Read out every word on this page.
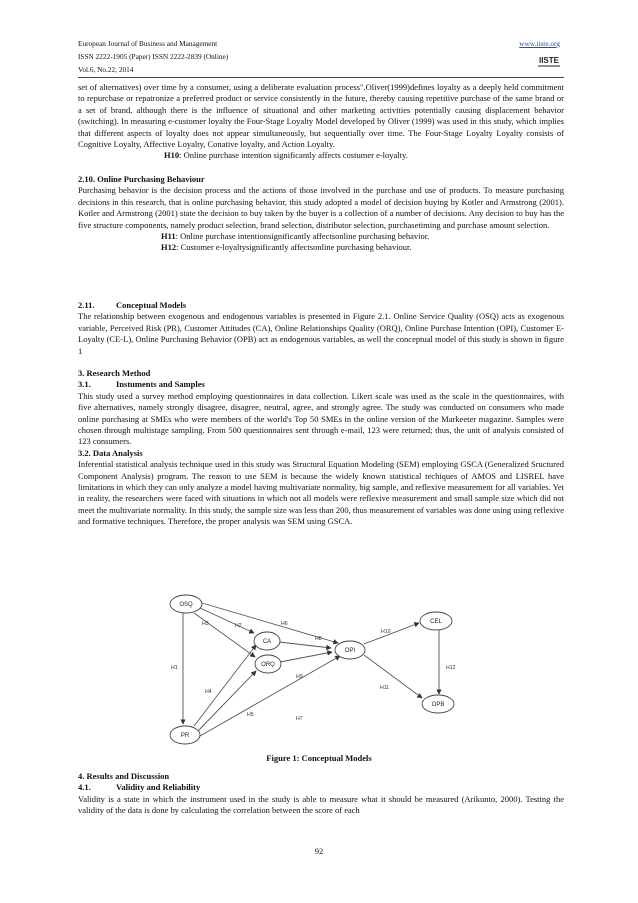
European Journal of Business and Management
ISSN 2222-1905 (Paper) ISSN 2222-2839 (Online)
Vol.6, No.22, 2014
www.iiste.org
IISTE

set of alternatives) over time by a consumer, using a deliberate evaluation process".Oliver(1999)defines loyalty as a deeply held commitment to repurchase or repatronize a preferred product or service consistently in the future, thereby causing repetitive purchase of the same brand or a set of brand, although there is the influence of situational and other marketing activities potentially causing displacement behavior (switching). In measuring e-customer loyalty the Four-Stage Loyalty Model developed by Oliver (1999) was used in this study, which implies that different aspects of loyalty does not appear simultaneously, but sequentially over time. The Four-Stage Loyalty Loyalty consists of Cognitive Loyalty, Affective Loyalty, Conative loyalty, and Action Loyalty.

H10: Online purchase intention significantly affects costumer e-loyalty.

2.10. Online Purchasing Behaviour

Purchasing behavior is the decision process and the actions of those involved in the purchase and use of products. To measure purchasing decisions in this research, that is online purchasing behavior, this study adopted a model of decision buying by Kotler and Armstrong (2001). Kotler and Armstrong (2001) state the decision to buy taken by the buyer is a collection of a number of decisions. Any decision to buy has the five structure components, namely product selection, brand selection, distributor selection, purchasetiming and purchase amount selection.

H11: Online purchase intentionsignificantly affectsonline purchasing behavior.

H12: Customer e-loyaltysignificantly affectsonline purchasing behaviour.

2.11.	Conceptual Models

The relationship between exogenous and endogenous variables is presented in Figure 2.1. Online Service Quality (OSQ) acts as exogenous variable, Perceived Risk (PR), Customer Attitudes (CA), Online Relationships Quality (ORQ), Online Purchase Intention (OPI), Customer E-Loyalty (CE-L), Online Purchasing Behavior (OPB) act as endogenous variables, as well the conceptual model of this study is shown in figure 1

3. Research Method

3.1.	Instuments and Samples

This study used a survey method employing questionnaires in data collection. Likert scale was used as the scale in the questionnaires, with five alternatives, namely strongly disagree, disagree, neutral, agree, and strongly agree. The study was conducted on consumers who made online purchasing at SMEs who were members of the world's Top 50 SMEs in the online version of the Markeeter magazine. Samples were chosen through multistage sampling. From 500 questionnaires sent through e-mail, 123 were returned; thus, the unit of analysis consisted of 123 consumers.

3.2. Data Analysis

Inferential statistical analysis technique used in this study was Structural Equation Modeling (SEM) employing GSCA (Generalized Sructured Component Analysis) program. The reason to use SEM is because the widely known statistical techiques of AMOS and LISREL have limitations in which they can only analyze a model having multivariate normality, big sample, and reflexive measurement for all variables. Yet in reality, the researchers were faced with situations in which not all models were reflexive measurement and small sample size which did not meet the multivariate normality. In this study, the sample size was less than 200, thus measurement of variables was done using using reflexive and formative techniques. Therefore, the proper analysis was SEM using GSCA.

OSQ
CA
ORQ
OPI
CEL
OPB
PR
H1
H2
H3
H4
H5
H6
H7
H8
H9
H10
H11
H12
Figure 1: Conceptual Models

4. Results and Discussion

4.1.	Validity and Reliability

Validity is a state in which the instrument used in the study is able to measure what it should be measured (Arikunto, 2000). Testing the validity of the data is done by calculating the correlation between the score of each

92
